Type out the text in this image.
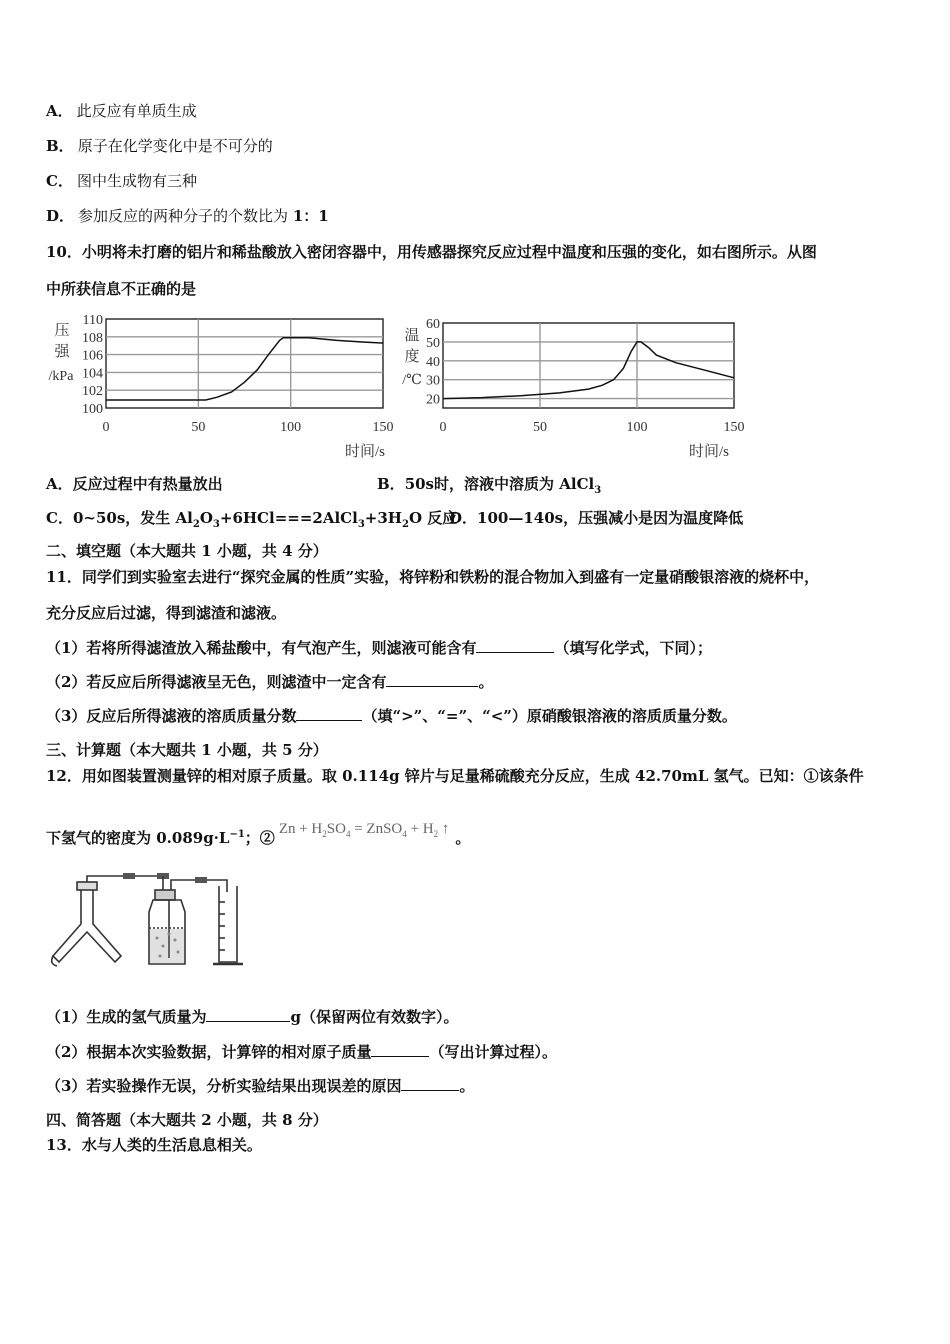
A． 此反应有单质生成
B． 原子在化学变化中是不可分的
C． 图中生成物有三种
D． 参加反应的两种分子的个数比为 1：1
10．小明将未打磨的铝片和稀盐酸放入密闭容器中，用传感器探究反应过程中温度和压强的变化，如右图所示。从图
中所获信息不正确的是
压
强
/kPa
时间/s
0	50	100	150
100
102
104
106
108
110
温
度
/℃
时间/s
0	50	100	150
20
30
40
50
60
A．反应过程中有热量放出	B．50s时，溶液中溶质为 AlCl$_3$
C．0~50s，发生 $Al_2O_3+6HCl===2AlCl_3+3H_2O$ 反应
D．100—140s，压强减小是因为温度降低
二、填空题（本大题共 1 小题，共 4 分）
11．同学们到实验室去进行“探究金属的性质”实验，将锌粉和铁粉的混合物加入到盛有一定量硝酸银溶液的烧杯中，
充分反应后过滤，得到滤渣和滤液。
（1）若将所得滤渣放入稀盐酸中，有气泡产生，则滤液可能含有	（填写化学式，下同）；
（2）若反应后所得滤液呈无色，则滤渣中一定含有	。
（3）反应后所得滤液的溶质质量分数	（填“>”、“=”、“<”）原硝酸银溶液的溶质质量分数。
三、计算题（本大题共 1 小题，共 5 分）
12．用如图装置测量锌的相对原子质量。取 0.114g 锌片与足量稀硫酸充分反应，生成 42.70mL 氢气。已知：①该条件
下氢气的密度为 $0.089g\cdot L^{-1}$；② $Zn + H_2SO_4$ = ZnSO$_4$ + $H_2$ ↑ 。
（1）生成的氢气质量为	g（保留两位有效数字）。
（2）根据本次实验数据，计算锌的相对原子质量	（写出计算过程）。
（3）若实验操作无误，分析实验结果出现误差的原因	。
四、简答题（本大题共 2 小题，共 8 分）
13．水与人类的生活息息相关。
